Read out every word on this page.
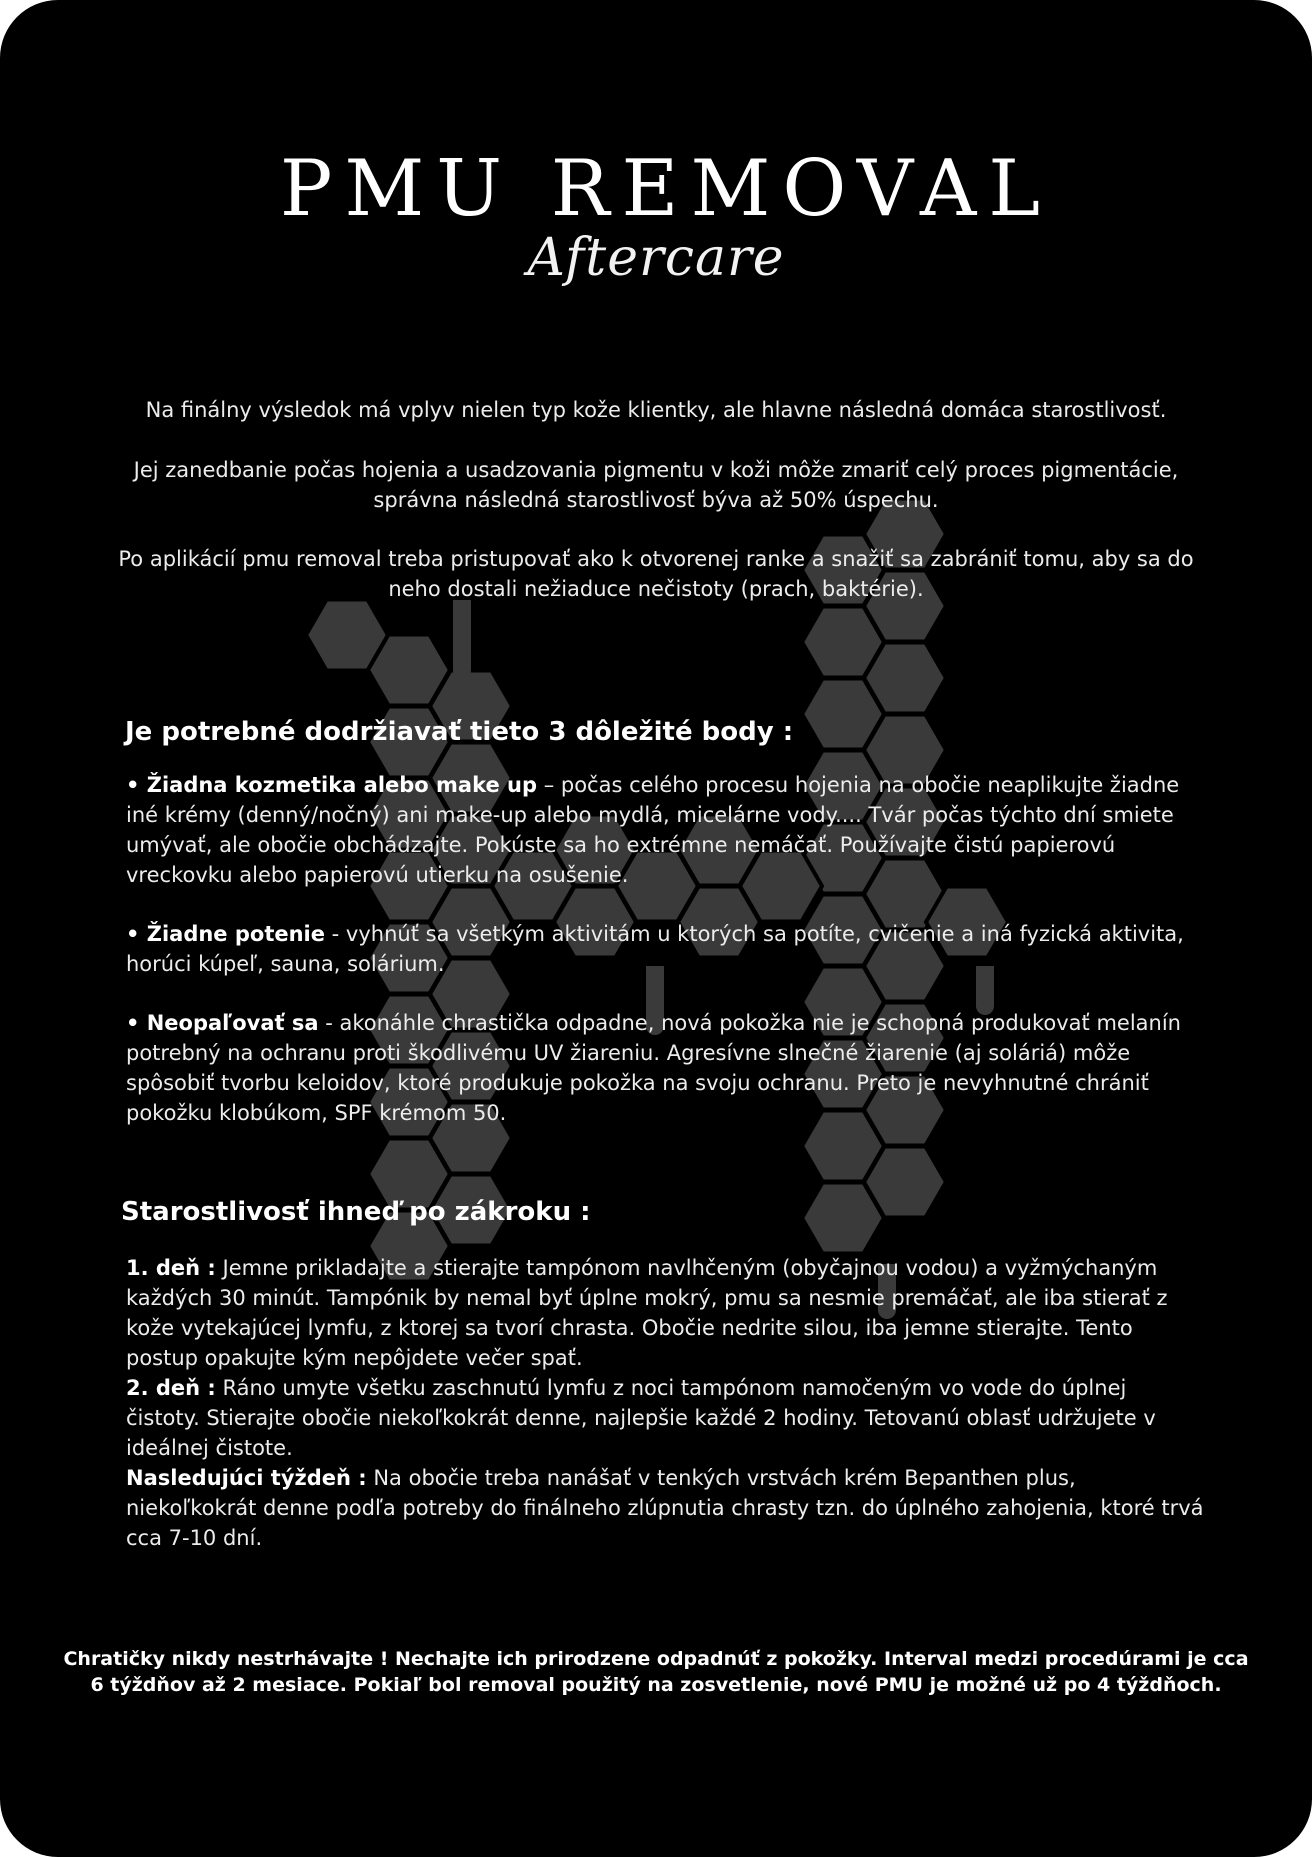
PMU REMOVAL
Aftercare
Na finálny výsledok má vplyv nielen typ kože klientky, ale hlavne následná domáca starostlivosť.
Jej zanedbanie počas hojenia a usadzovania pigmentu v koži môže zmariť celý proces pigmentácie, správna následná starostlivosť býva až 50% úspechu.
Po aplikácií pmu removal treba pristupovať ako k otvorenej ranke a snažiť sa zabrániť tomu, aby sa do neho dostali nežiaduce nečistoty (prach, baktérie).
Je potrebné dodržiavať tieto 3 dôležité body :
• Žiadna kozmetika alebo make up – počas celého procesu hojenia na obočie neaplikujte žiadne iné krémy (denný/nočný) ani make-up alebo mydlá, micelárne vody.... Tvár počas týchto dní smiete umývať, ale obočie obchádzajte. Pokúste sa ho extrémne nemáčať. Používajte čistú papierovú vreckovku alebo papierovú utierku na osušenie.
• Žiadne potenie - vyhnúť sa všetkým aktivitám u ktorých sa potíte, cvičenie a iná fyzická aktivita, horúci kúpeľ, sauna, solárium.
• Neopaľovať sa - akonáhle chrastička odpadne, nová pokožka nie je schopná produkovať melanín potrebný na ochranu proti škodlivému UV žiareniu. Agresívne slnečné žiarenie (aj soláriá) môže spôsobiť tvorbu keloidov, ktoré produkuje pokožka na svoju ochranu. Preto je nevyhnutné chrániť pokožku klobúkom, SPF krémom 50.
Starostlivosť ihneď po zákroku :
1. deň : Jemne prikladajte a stierajte tampónom navlhčeným (obyčajnou vodou) a vyžmýchaným každých 30 minút. Tampónik by nemal byť úplne mokrý, pmu sa nesmie premáčať, ale iba stierať z kože vytekajúcej lymfu, z ktorej sa tvorí chrasta. Obočie nedrite silou, iba jemne stierajte. Tento postup opakujte kým nepôjdete večer spať.
2. deň : Ráno umyte všetku zaschnutú lymfu z noci tampónom namočeným vo vode do úplnej čistoty. Stierajte obočie niekoľkokrát denne, najlepšie každé 2 hodiny. Tetovanú oblasť udržujete v ideálnej čistote.
Nasledujúci týždeň : Na obočie treba nanášať v tenkých vrstvách krém Bepanthen plus, niekoľkokrát denne podľa potreby do finálneho zlúpnutia chrasty tzn. do úplného zahojenia, ktoré trvá cca 7-10 dní.
Chratičky nikdy nestrhávajte ! Nechajte ich prirodzene odpadnúť z pokožky. Interval medzi procedúrami je cca 6 týždňov až 2 mesiace. Pokiaľ bol removal použitý na zosvetlenie, nové PMU je možné už po 4 týždňoch.
